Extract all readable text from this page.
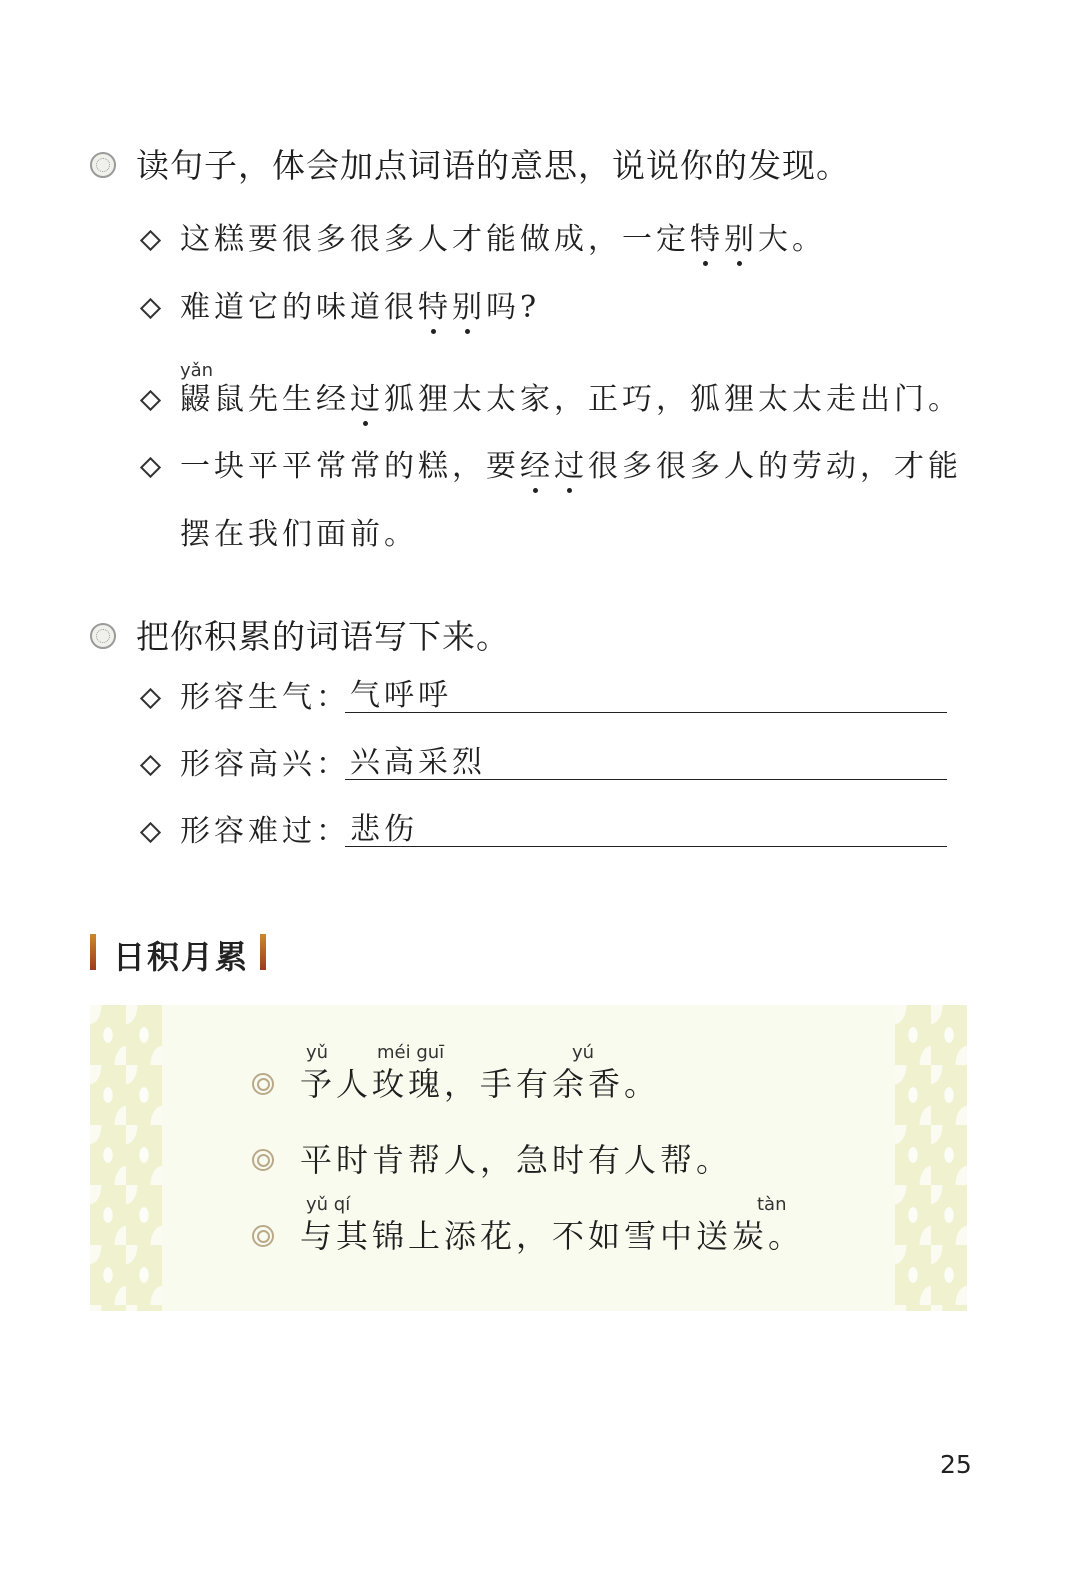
读句子，体会加点词语的意思，说说你的发现。
这糕要很多很多人才能做成，一定特别大。
难道它的味道很特别吗?
yǎn
鼹鼠先生经过狐狸太太家，正巧，狐狸太太走出门。
一块平平常常的糕，要经过很多很多人的劳动，才能
摆在我们面前。
把你积累的词语写下来。
形容生气： 气呼呼
形容高兴： 兴高采烈
形容难过： 悲伤
日积月累
yǔ	méi guī	yú
予人玫瑰，手有余香。
平时肯帮人，急时有人帮。
yǔ qí	tàn
与其锦上添花，不如雪中送炭。
25
